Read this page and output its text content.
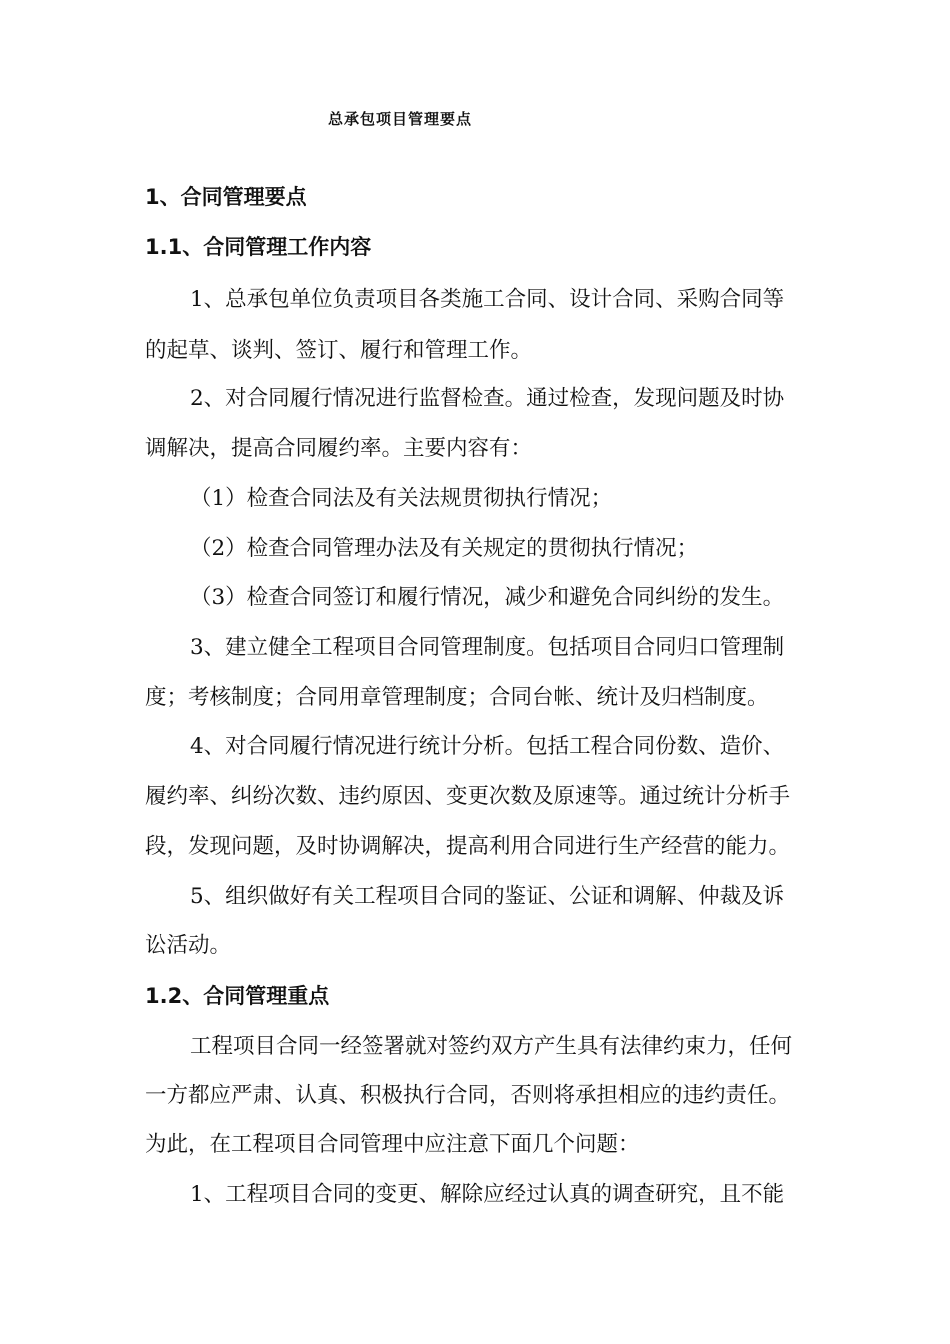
总承包项目管理要点
1、合同管理要点
1.1、合同管理工作内容
1、总承包单位负责项目各类施工合同、设计合同、采购合同等
的起草、谈判、签订、履行和管理工作。
2、对合同履行情况进行监督检查。通过检查，发现问题及时协
调解决，提高合同履约率。主要内容有：
（1）检查合同法及有关法规贯彻执行情况；
（2）检查合同管理办法及有关规定的贯彻执行情况；
（3）检查合同签订和履行情况，减少和避免合同纠纷的发生。
3、建立健全工程项目合同管理制度。包括项目合同归口管理制
度；考核制度；合同用章管理制度；合同台帐、统计及归档制度。
4、对合同履行情况进行统计分析。包括工程合同份数、造价、
履约率、纠纷次数、违约原因、变更次数及原速等。通过统计分析手
段，发现问题，及时协调解决，提高利用合同进行生产经营的能力。
5、组织做好有关工程项目合同的鉴证、公证和调解、仲裁及诉
讼活动。
1.2、合同管理重点
工程项目合同一经签署就对签约双方产生具有法律约束力，任何
一方都应严肃、认真、积极执行合同，否则将承担相应的违约责任。
为此，在工程项目合同管理中应注意下面几个问题：
1、工程项目合同的变更、解除应经过认真的调查研究，且不能
